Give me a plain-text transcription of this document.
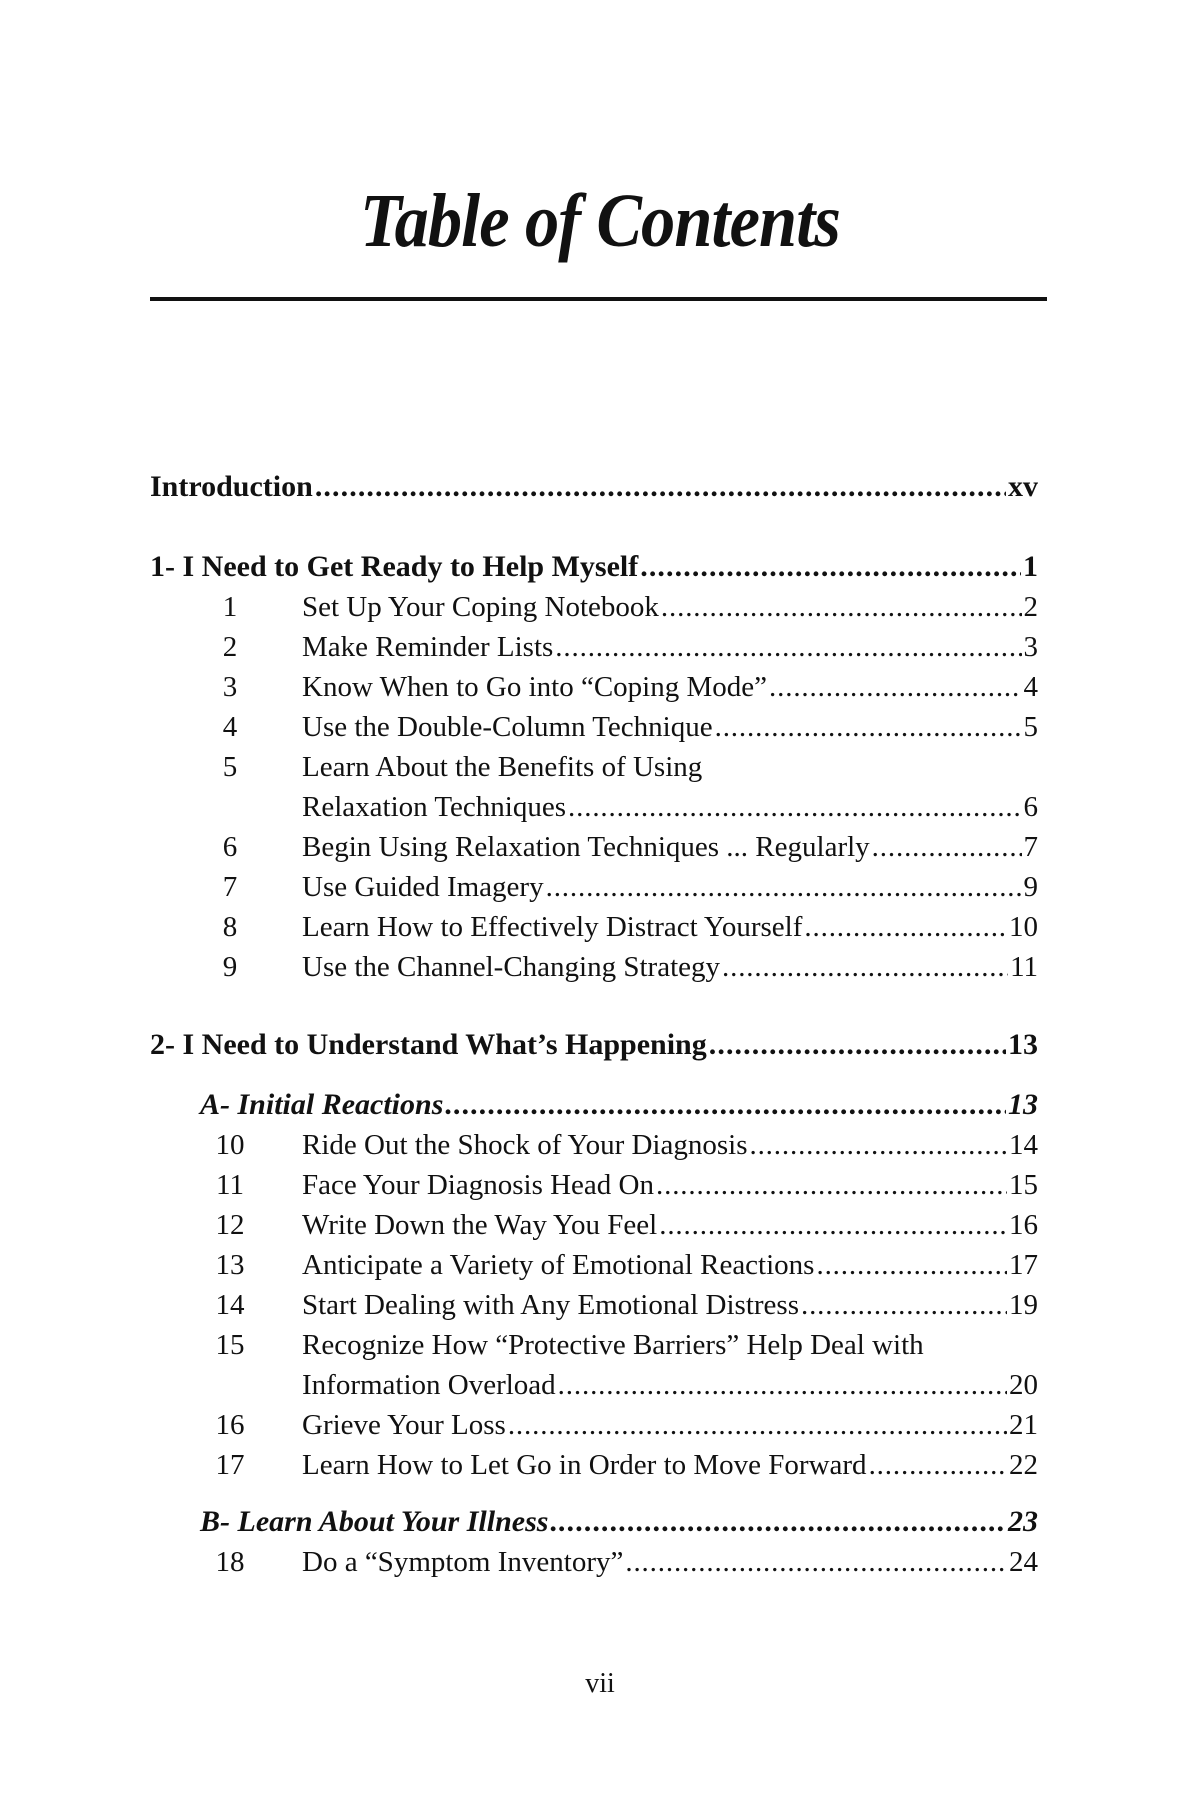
Table of Contents
Introduction . . .	xv
1- I Need to Get Ready to Help Myself . . .	1
1	Set Up Your Coping Notebook . . .	2
2	Make Reminder Lists . . .	3
3	Know When to Go into “Coping Mode” . . .	4
4	Use the Double-Column Technique . . .	5
5	Learn About the Benefits of Using
Relaxation Techniques . . .	6
6	Begin Using Relaxation Techniques ... Regularly . . .	7
7	Use Guided Imagery . . .	9
8	Learn How to Effectively Distract Yourself . . .	10
9	Use the Channel-Changing Strategy . . .	11
2- I Need to Understand What’s Happening . . .	13
A- Initial Reactions . . .	13
10 Ride Out the Shock of Your Diagnosis . . .	14
11 Face Your Diagnosis Head On . . .	15
12 Write Down the Way You Feel . . .	16
13 Anticipate a Variety of Emotional Reactions . . .	17
14 Start Dealing with Any Emotional Distress . . .	19
15 Recognize How “Protective Barriers” Help Deal with
Information Overload . . .	20
16 Grieve Your Loss . . .	21
17 Learn How to Let Go in Order to Move Forward . . .	22
B- Learn About Your Illness . . .	23
18 Do a “Symptom Inventory” . . .	24
vii
